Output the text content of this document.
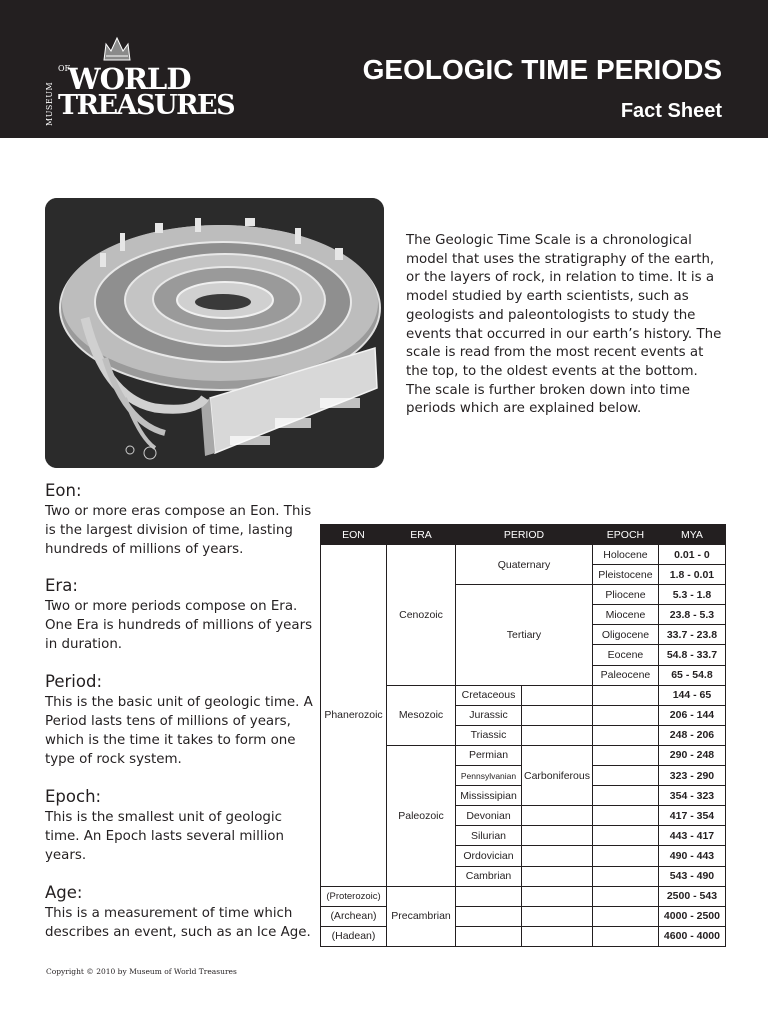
MUSEUM
OF
WORLD
TREASURES
GEOLOGIC TIME PERIODS
Fact Sheet
The Geologic Time Scale is a chronological model that uses the stratigraphy of the earth, or the layers of rock, in relation to time. It is a model studied by earth scientists, such as geologists and paleontologists to study the events that occurred in our earth’s history. The scale is read from the most recent events at the top, to the oldest events at the bottom. The scale is further broken down into time periods which are explained below.
Eon:

Two or more eras compose an Eon. This is the largest division of time, lasting hundreds of millions of years.

Era:

Two or more periods compose on Era. One Era is hundreds of millions of years in duration.

Period:

This is the basic unit of geologic time. A Period lasts tens of millions of years, which is the time it takes to form one type of rock system.

Epoch:

This is the smallest unit of geologic time. An Epoch lasts several million years.

Age:

This is a measurement of time which describes an event, such as an Ice Age.

EON	ERA	PERIOD		EPOCH	MYA
Phanerozoic	Cenozoic	Quaternary		Holocene	0.01 - 0
				Pleistocene	1.8 - 0.01
		Tertiary		Pliocene	5.3 - 1.8
				Miocene	23.8 - 5.3
				Oligocene	33.7 - 23.8
				Eocene	54.8 - 33.7
				Paleocene	65 - 54.8
	Mesozoic	Cretaceous			144 - 65
		Jurassic			206 - 144
		Triassic			248 - 206
	Paleozoic	Permian	Carboniferous		290 - 248
		Pennsylvanian			323 - 290
		Mississipian			354 - 323
		Devonian			417 - 354
		Silurian			443 - 417
		Ordovician			490 - 443
		Cambrian			543 - 490
(Proterozoic)	Precambrian				2500 - 543
(Archean)					4000 - 2500
(Hadean)					4600 - 4000
Copyright © 2010 by Museum of World Treasures
